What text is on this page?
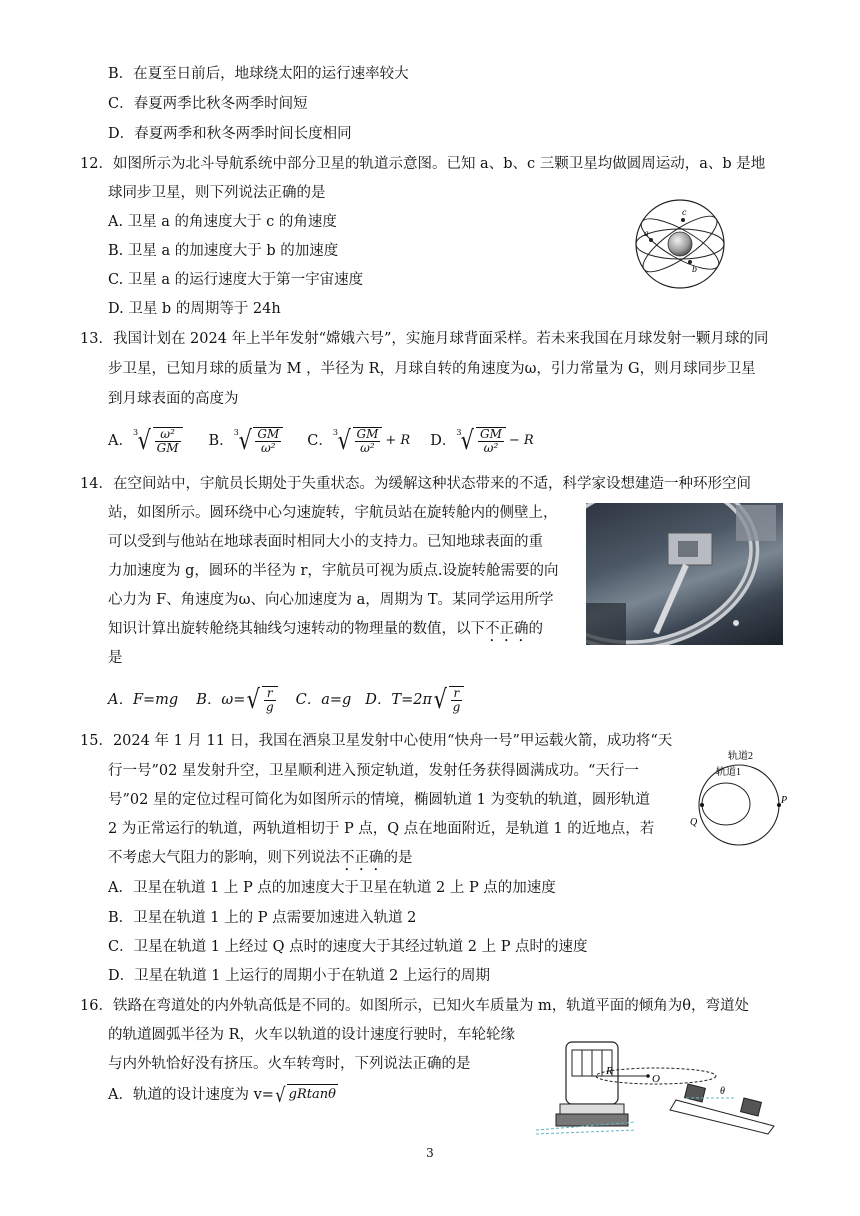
B．在夏至日前后，地球绕太阳的运行速率较大
C．春夏两季比秋冬两季时间短
D．春夏两季和秋冬两季时间长度相同
12．如图所示为北斗导航系统中部分卫星的轨道示意图。已知 a、b、c 三颗卫星均做圆周运动，a、b 是地
球同步卫星，则下列说法正确的是
A. 卫星 a 的角速度大于 c 的角速度
B. 卫星 a 的加速度大于 b 的加速度
C. 卫星 a 的运行速度大于第一宇宙速度
D. 卫星 b 的周期等于 24h
c
a
b
13．我国计划在 2024 年上半年发射“嫦娥六号”，实施月球背面采样。若未来我国在月球发射一颗月球的同
步卫星，已知月球的质量为 M ，半径为 R，月球自转的角速度为ω，引力常量为 G，则月球同步卫星
到月球表面的高度为
A．
3 √ $\frac{\text{ω²}}{GM}$ B．
3 √ $\frac{GM}{\text{ω²}}$ C．
3 √ $\frac{GM}{\text{ω²}} + R$ D．
3 √ $\frac{GM}{\text{ω²}} - R$
14．在空间站中，宇航员长期处于失重状态。为缓解这种状态带来的不适，科学家设想建造一种环形空间
站，如图所示。圆环绕中心匀速旋转，宇航员站在旋转舱内的侧壁上，
可以受到与他站在地球表面时相同大小的支持力。已知地球表面的重
力加速度为 g，圆环的半径为 r，宇航员可视为质点.设旋转舱需要的向
心力为 F、角速度为ω、向心加速度为 a，周期为 T。某同学运用所学
知识计算出旋转舱绕其轴线匀速转动的物理量的数值，以下不正确的
是
A．F=mg B．ω= √ $\frac{r}{g}$ C．a=g D．T=2π √ $\frac{r}{g}$
15．2024 年 1 月 11 日，我国在酒泉卫星发射中心使用“快舟一号”甲运载火箭，成功将“天
行一号”02 星发射升空，卫星顺利进入预定轨道，发射任务获得圆满成功。“天行一
号”02 星的定位过程可简化为如图所示的情境，椭圆轨道 1 为变轨的轨道，圆形轨道
2 为正常运行的轨道，两轨道相切于 P 点，Q 点在地面附近，是轨道 1 的近地点，若
不考虑大气阻力的影响，则下列说法不正确的是
A．卫星在轨道 1 上 P 点的加速度大于卫星在轨道 2 上 P 点的加速度
B．卫星在轨道 1 上的 P 点需要加速进入轨道 2
C．卫星在轨道 1 上经过 Q 点时的速度大于其经过轨道 2 上 P 点时的速度
D．卫星在轨道 1 上运行的周期小于在轨道 2 上运行的周期
轨道2
轨道1
Q
P
16．铁路在弯道处的内外轨高低是不同的。如图所示，已知火车质量为 m，轨道平面的倾角为θ，弯道处
的轨道圆弧半径为 R，火车以轨道的设计速度行驶时，车轮轮缘
与内外轨恰好没有挤压。火车转弯时，下列说法正确的是
A．轨道的设计速度为 v= √ gRtanθ
R
O
θ
3
